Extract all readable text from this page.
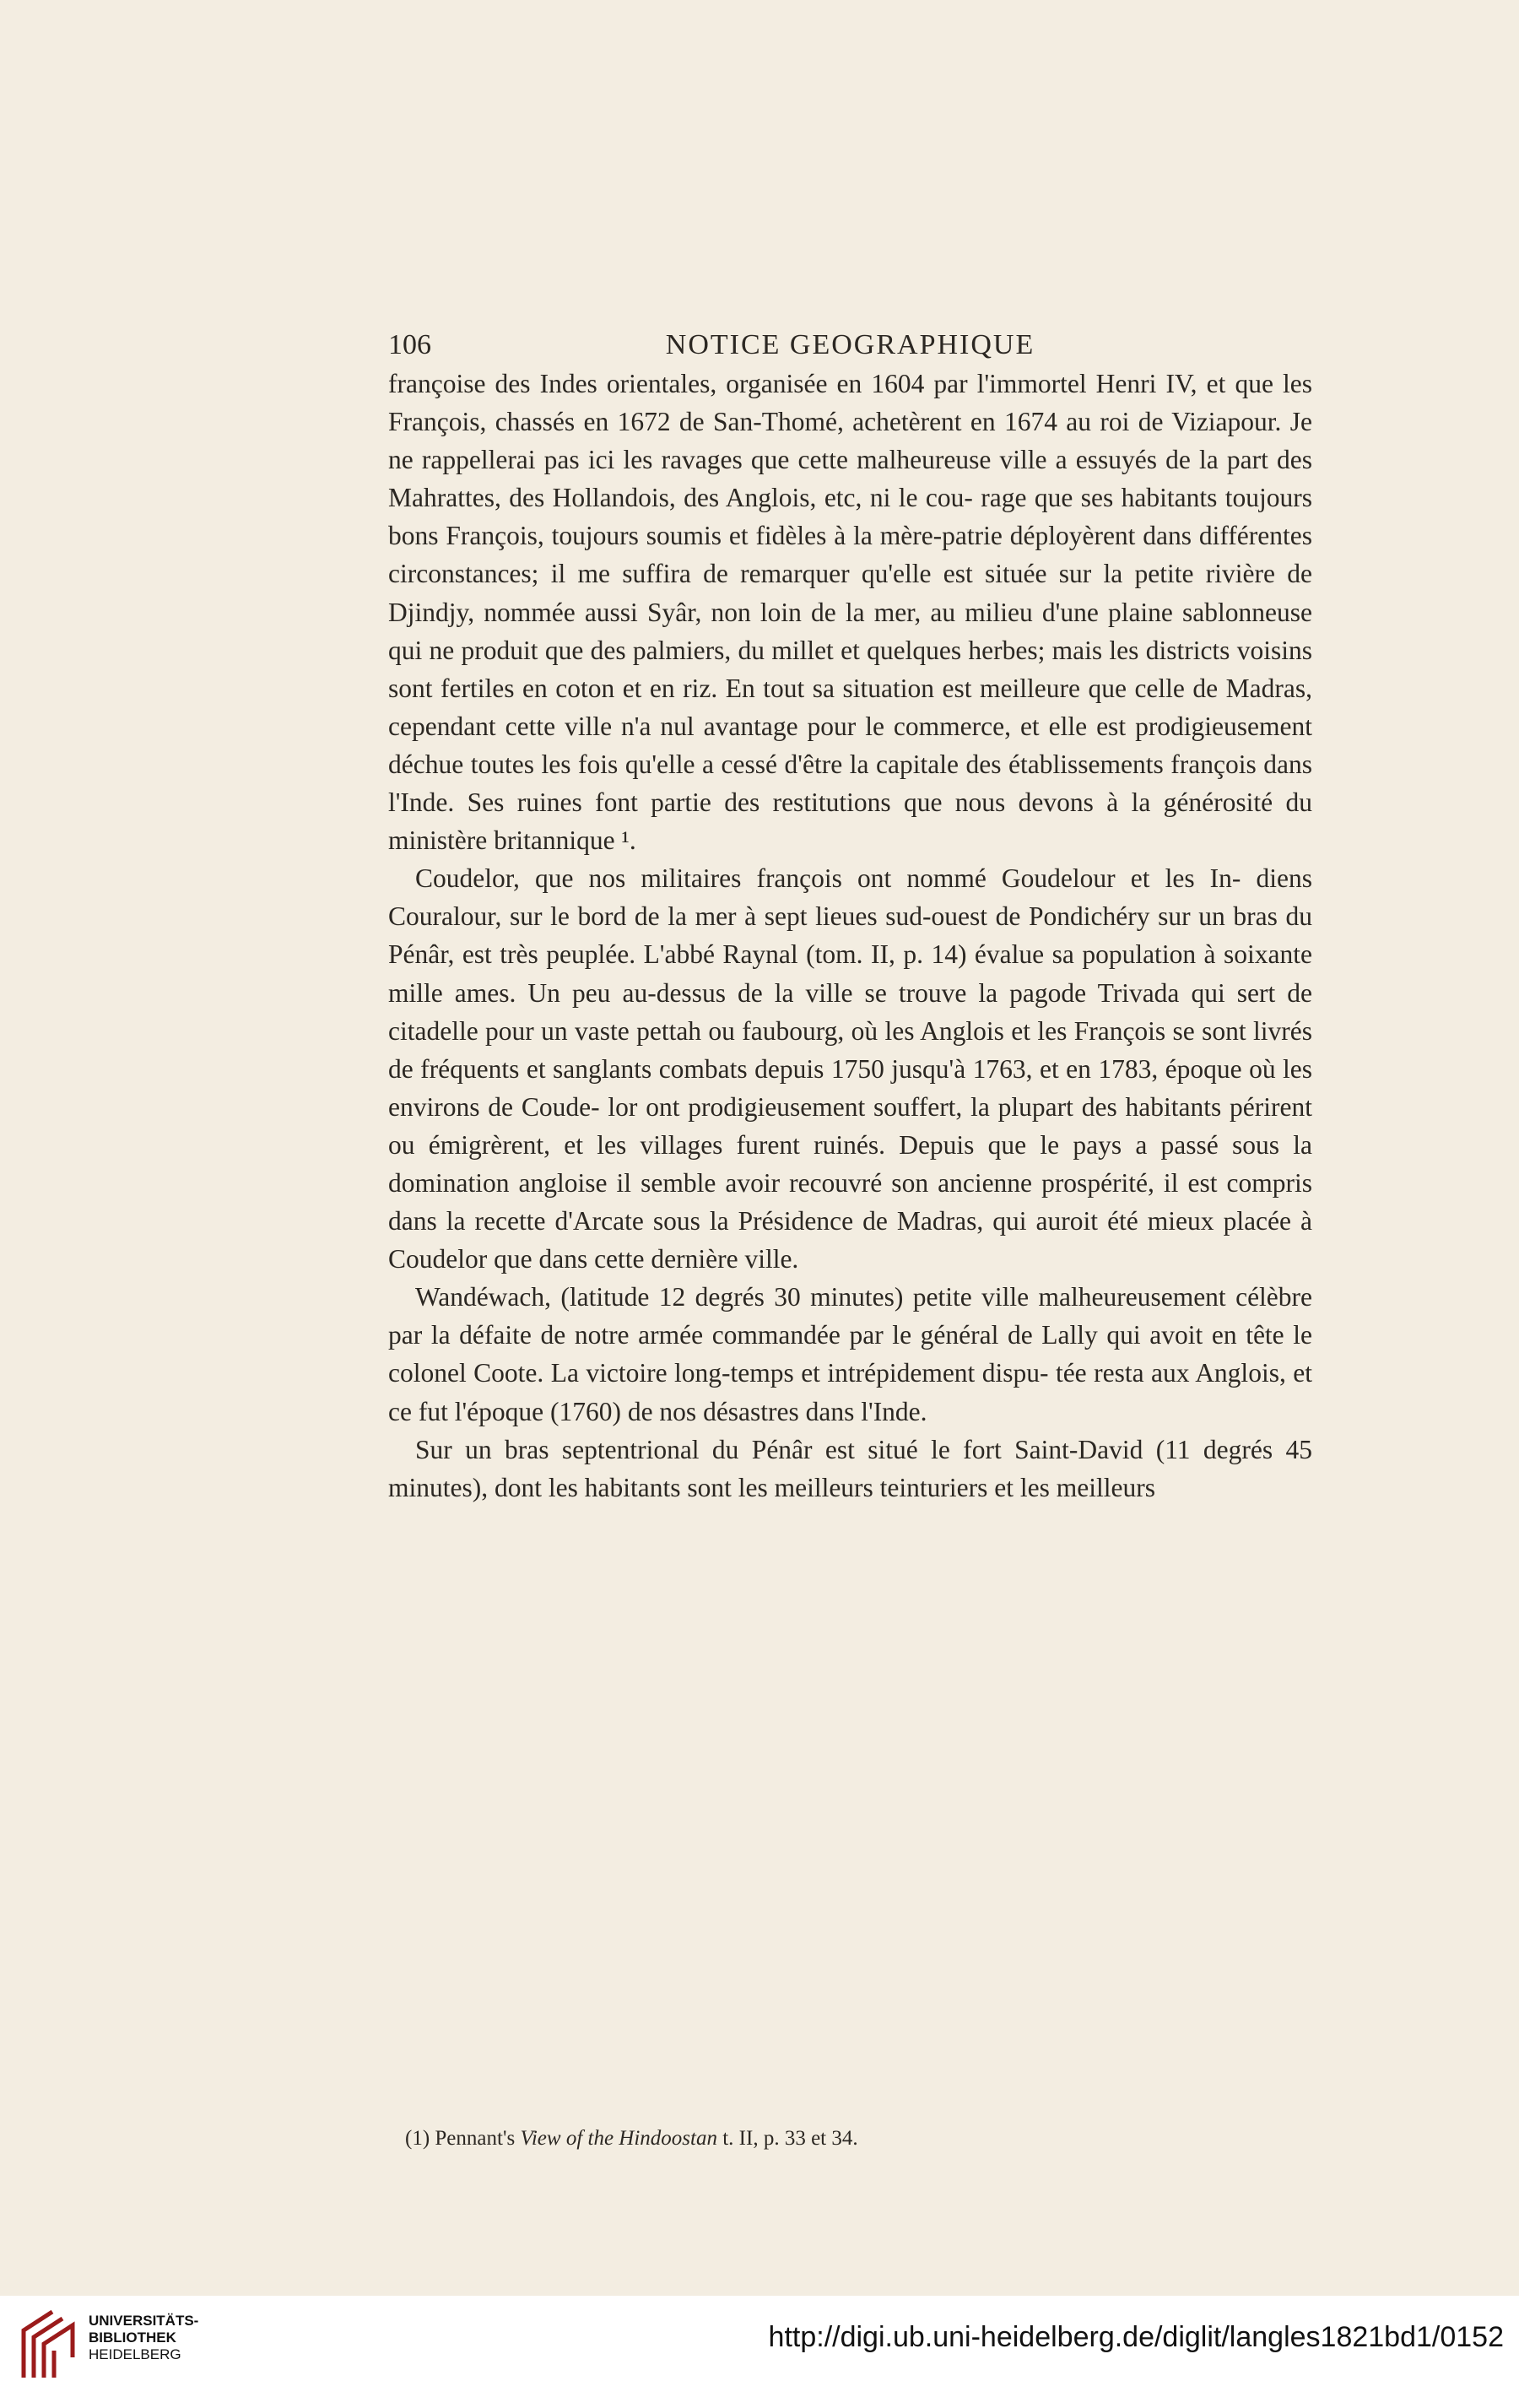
106	NOTICE GEOGRAPHIQUE

françoise des Indes orientales, organisée en 1604 par l'immortel Henri IV, et que les François, chassés en 1672 de San-Thomé, achetèrent en 1674 au roi de Viziapour. Je ne rappellerai pas ici les ravages que cette malheureuse ville a essuyés de la part des Mahrattes, des Hollandois, des Anglois, etc, ni le cou- rage que ses habitants toujours bons François, toujours soumis et fidèles à la mère-patrie déployèrent dans différentes circonstances; il me suffira de remarquer qu'elle est située sur la petite rivière de Djindjy, nommée aussi Syâr, non loin de la mer, au milieu d'une plaine sablonneuse qui ne produit que des palmiers, du millet et quelques herbes; mais les districts voisins sont fertiles en coton et en riz. En tout sa situation est meilleure que celle de Madras, cependant cette ville n'a nul avantage pour le commerce, et elle est prodigieusement déchue toutes les fois qu'elle a cessé d'être la capitale des établissements françois dans l'Inde. Ses ruines font partie des restitutions que nous devons à la générosité du ministère britannique ¹.

Coudelor, que nos militaires françois ont nommé Goudelour et les In- diens Couralour, sur le bord de la mer à sept lieues sud-ouest de Pondichéry sur un bras du Pénâr, est très peuplée. L'abbé Raynal (tom. II, p. 14) évalue sa population à soixante mille ames. Un peu au-dessus de la ville se trouve la pagode Trivada qui sert de citadelle pour un vaste pettah ou faubourg, où les Anglois et les François se sont livrés de fréquents et sanglants combats depuis 1750 jusqu'à 1763, et en 1783, époque où les environs de Coude- lor ont prodigieusement souffert, la plupart des habitants périrent ou émigrèrent, et les villages furent ruinés. Depuis que le pays a passé sous la domination angloise il semble avoir recouvré son ancienne prospérité, il est compris dans la recette d'Arcate sous la Présidence de Madras, qui auroit été mieux placée à Coudelor que dans cette dernière ville.

Wandéwach, (latitude 12 degrés 30 minutes) petite ville malheureusement célèbre par la défaite de notre armée commandée par le général de Lally qui avoit en tête le colonel Coote. La victoire long-temps et intrépidement dispu- tée resta aux Anglois, et ce fut l'époque (1760) de nos désastres dans l'Inde.

Sur un bras septentrional du Pénâr est situé le fort Saint-David (11 degrés 45 minutes), dont les habitants sont les meilleurs teinturiers et les meilleurs

(1) Pennant's View of the Hindoostan t. II, p. 33 et 34.
UNIVERSITÄTS-
BIBLIOTHEK
HEIDELBERG
http://digi.ub.uni-heidelberg.de/diglit/langles1821bd1/0152
